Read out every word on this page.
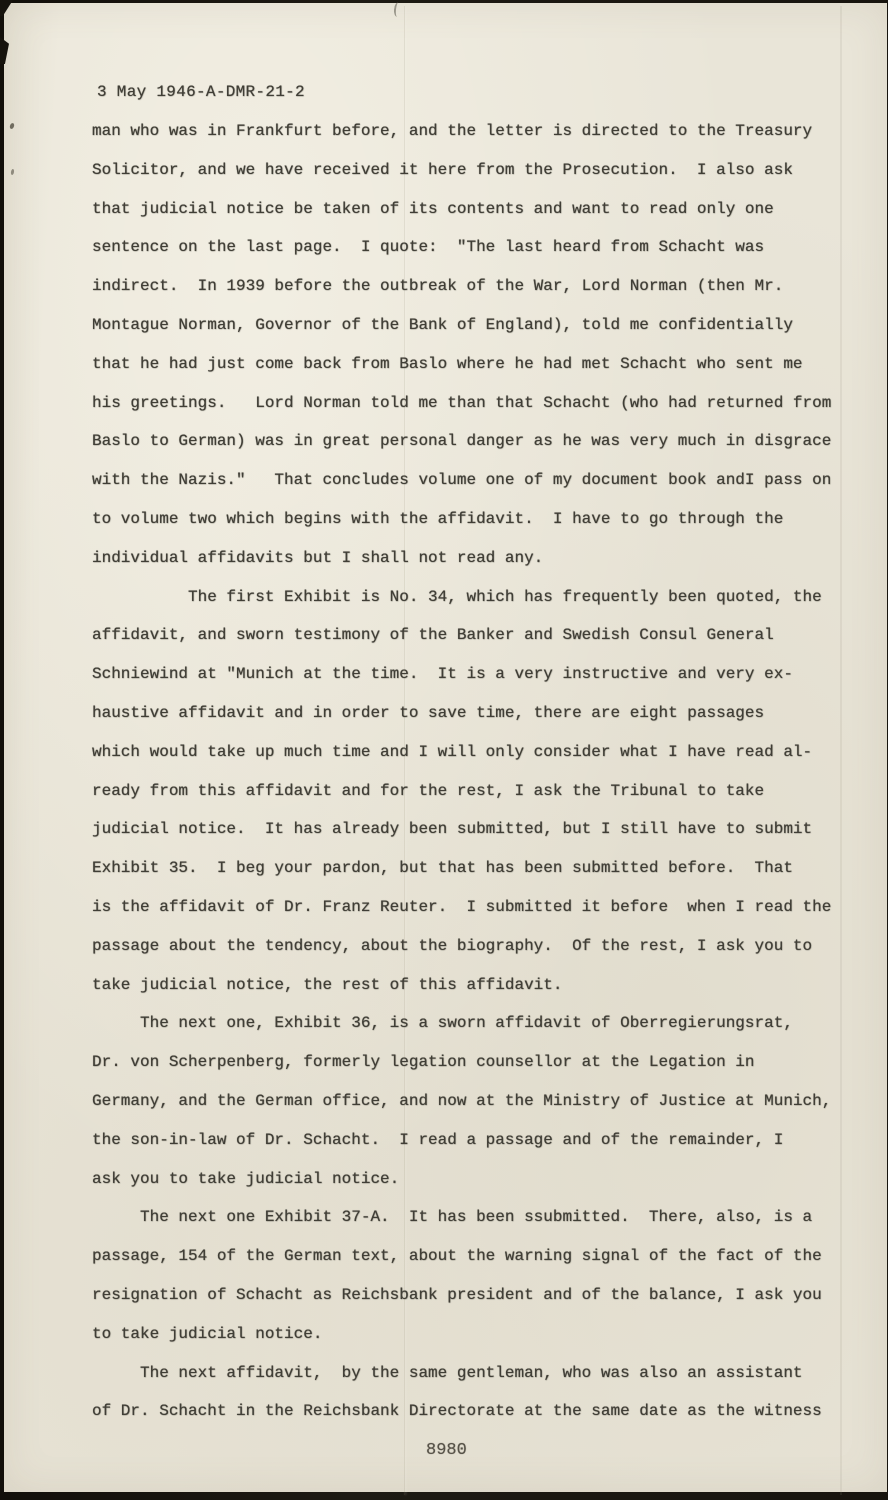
3 May 1946-A-DMR-21-2
man who was in Frankfurt before, and the letter is directed to the Treasury
Solicitor, and we have received it here from the Prosecution.  I also ask
that judicial notice be taken of its contents and want to read only one
sentence on the last page.  I quote:  "The last heard from Schacht was
indirect.  In 1939 before the outbreak of the War, Lord Norman (then Mr.
Montague Norman, Governor of the Bank of England), told me confidentially
that he had just come back from Baslo where he had met Schacht who sent me
his greetings.   Lord Norman told me than that Schacht (who had returned from
Baslo to German) was in great personal danger as he was very much in disgrace
with the Nazis."   That concludes volume one of my document book andI pass on
to volume two which begins with the affidavit.  I have to go through the
individual affidavits but I shall not read any.
The first Exhibit is No. 34, which has frequently been quoted, the
affidavit, and sworn testimony of the Banker and Swedish Consul General
Schniewind at "Munich at the time.  It is a very instructive and very ex-
haustive affidavit and in order to save time, there are eight passages
which would take up much time and I will only consider what I have read al-
ready from this affidavit and for the rest, I ask the Tribunal to take
judicial notice.  It has already been submitted, but I still have to submit
Exhibit 35.  I beg your pardon, but that has been submitted before.  That
is the affidavit of Dr. Franz Reuter.  I submitted it before  when I read the
passage about the tendency, about the biography.  Of the rest, I ask you to
take judicial notice, the rest of this affidavit.
The next one, Exhibit 36, is a sworn affidavit of Oberregierungsrat,
Dr. von Scherpenberg, formerly legation counsellor at the Legation in
Germany, and the German office, and now at the Ministry of Justice at Munich,
the son-in-law of Dr. Schacht.  I read a passage and of the remainder, I
ask you to take judicial notice.
The next one Exhibit 37-A.  It has been ssubmitted.  There, also, is a
passage, 154 of the German text, about the warning signal of the fact of the
resignation of Schacht as Reichsbank president and of the balance, I ask you
to take judicial notice.
The next affidavit,  by the same gentleman, who was also an assistant
of Dr. Schacht in the Reichsbank Directorate at the same date as the witness
8980
